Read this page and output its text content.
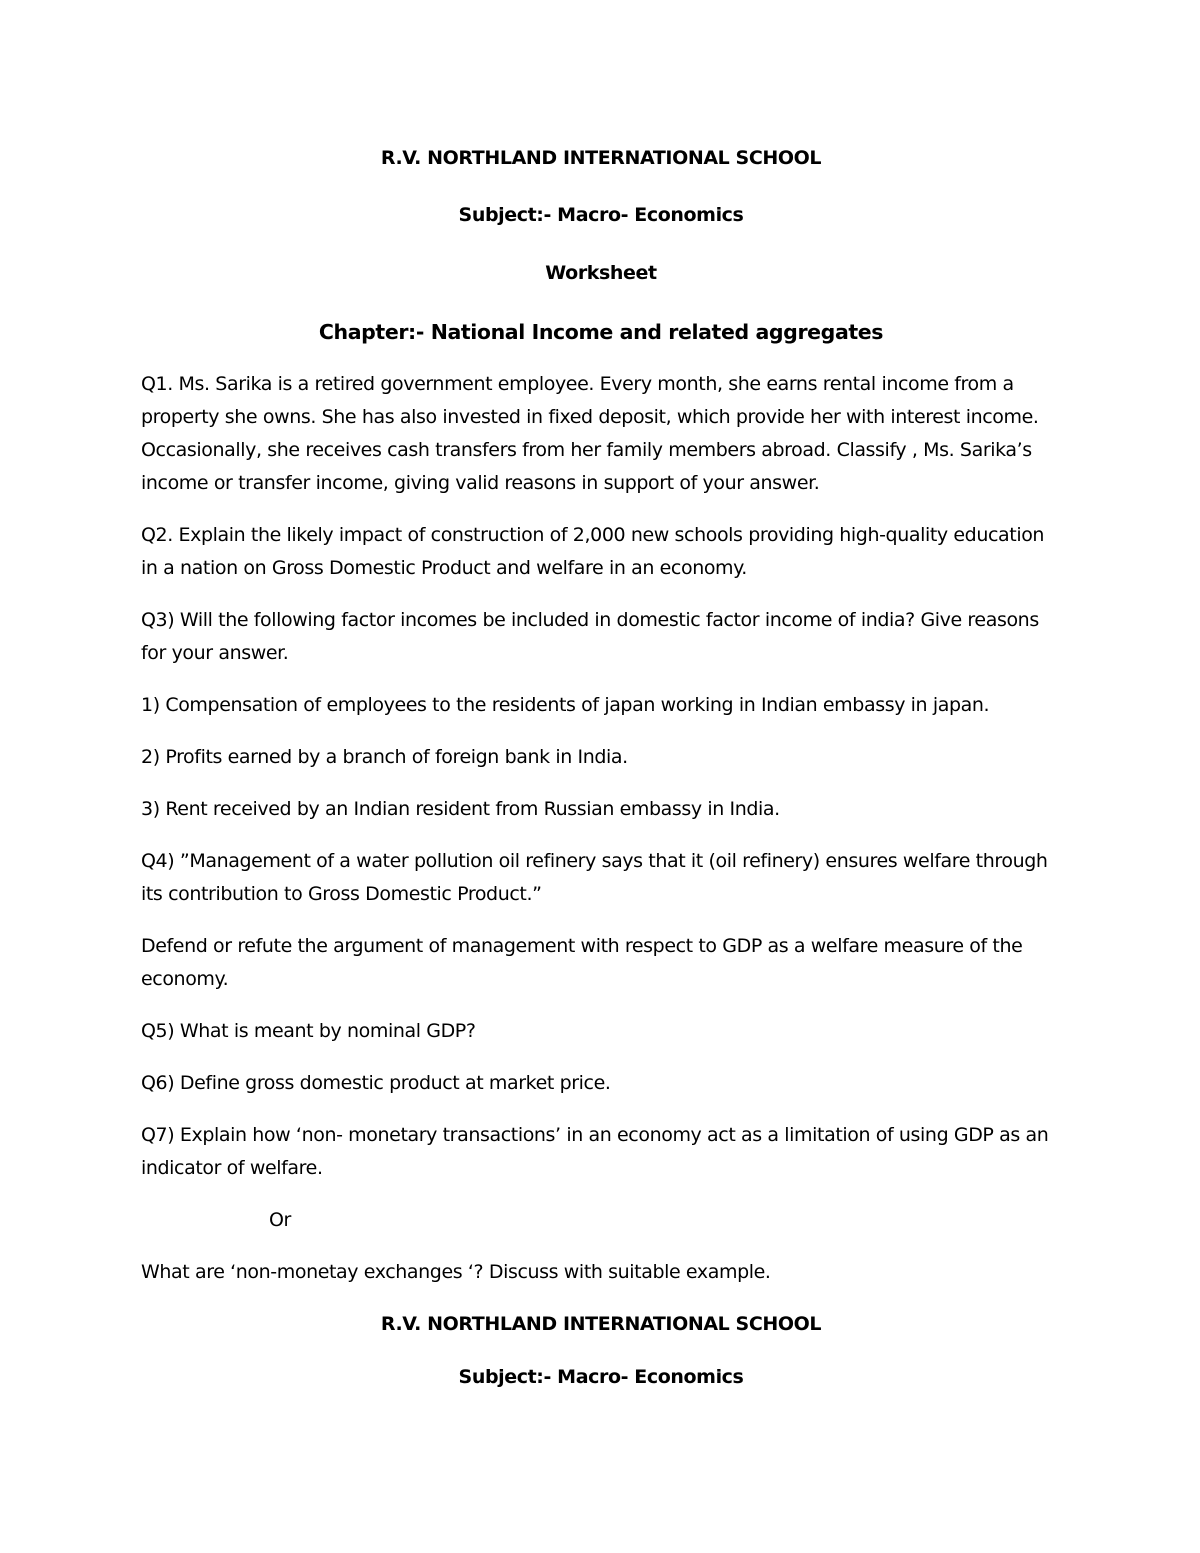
R.V. NORTHLAND INTERNATIONAL SCHOOL

Subject:- Macro- Economics

Worksheet

Chapter:- National Income and related aggregates

Q1. Ms. Sarika is a retired government employee. Every month, she earns rental income from a property she owns. She has also invested in fixed deposit, which provide her with interest income. Occasionally, she receives cash transfers from her family members abroad. Classify , Ms. Sarika’s income or transfer income, giving valid reasons in support of your answer.

Q2. Explain the likely impact of construction of 2,000 new schools providing high-quality education in a nation on Gross Domestic Product and welfare in an economy.

Q3) Will the following factor incomes be included in domestic factor income of india? Give reasons for your answer.

1) Compensation of employees to the residents of japan working in Indian embassy in japan.

2) Profits earned by a branch of foreign bank in India.

3) Rent received by an Indian resident from Russian embassy in India.

Q4) ”Management of a water pollution oil refinery says that it (oil refinery) ensures welfare through its contribution to Gross Domestic Product.”

Defend or refute the argument of management with respect to GDP as a welfare measure of the economy.

Q5) What is meant by nominal GDP?

Q6) Define gross domestic product at market price.

Q7) Explain how ‘non- monetary transactions’ in an economy act as a limitation of using GDP as an indicator of welfare.

Or

What are ‘non-monetay exchanges ‘? Discuss with suitable example.

R.V. NORTHLAND INTERNATIONAL SCHOOL

Subject:- Macro- Economics
